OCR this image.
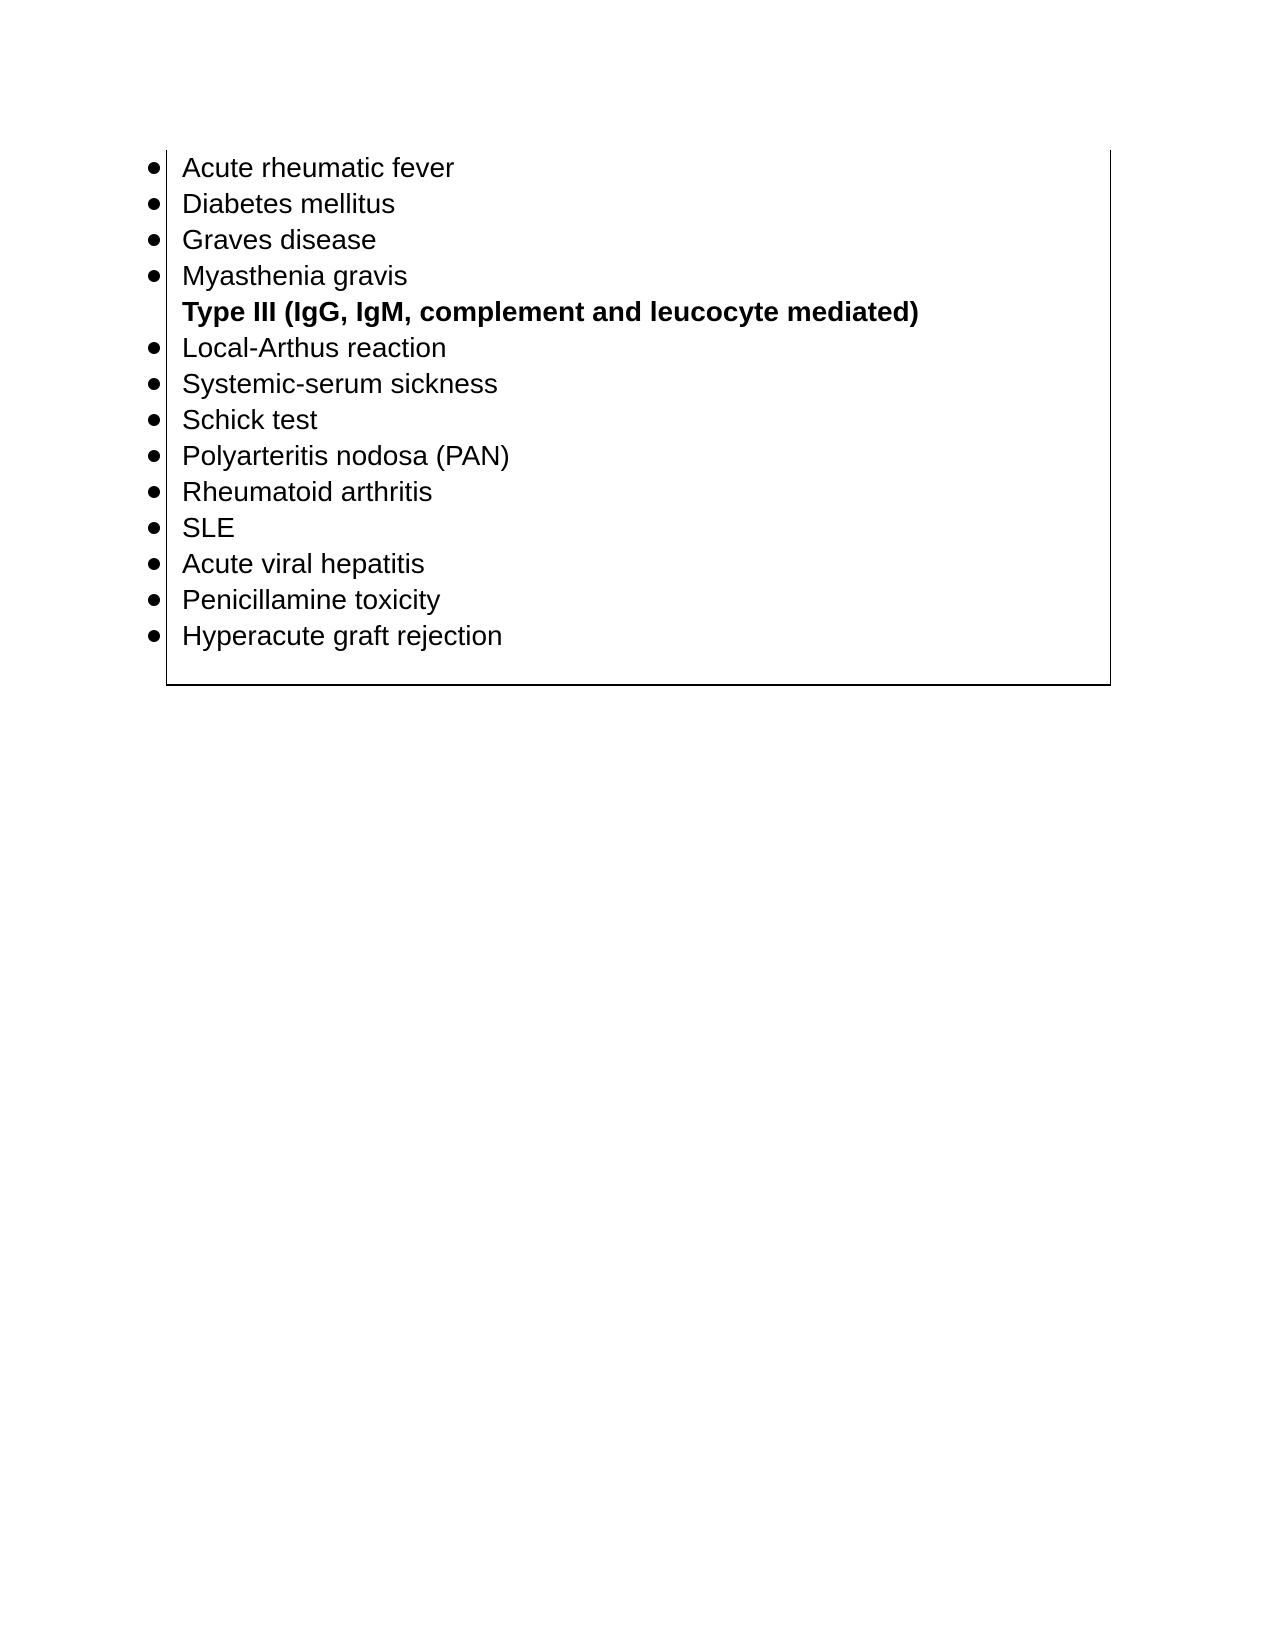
Acute rheumatic fever
Diabetes mellitus
Graves disease
Myasthenia gravis
Type III (IgG, IgM, complement and leucocyte mediated)
Local-Arthus reaction
Systemic-serum sickness
Schick test
Polyarteritis nodosa (PAN)
Rheumatoid arthritis
SLE
Acute viral hepatitis
Penicillamine toxicity
Hyperacute graft rejection
